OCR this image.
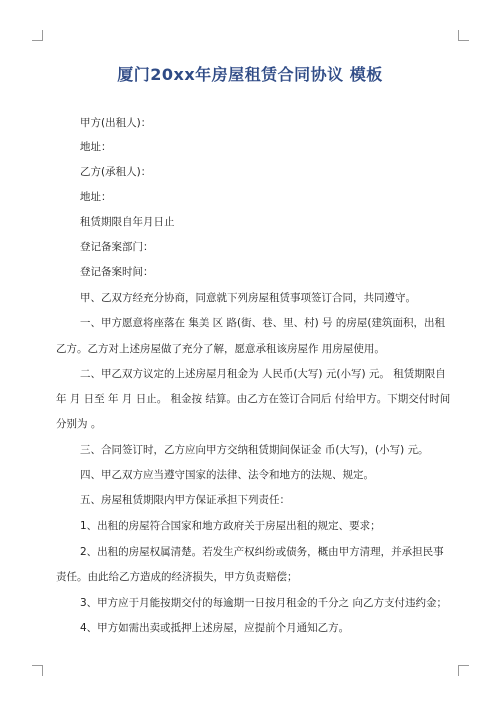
厦门20xx年房屋租赁合同协议 模板
甲方(出租人)：
地址：
乙方(承租人)：
地址：
租赁期限自年月日止
登记备案部门：
登记备案时间：
甲、乙双方经充分协商，同意就下列房屋租赁事项签订合同，共同遵守。
一、甲方愿意将座落在 集美 区 路(街、巷、里、村) 号 的房屋(建筑面积，出租
乙方。乙方对上述房屋做了充分了解，愿意承租该房屋作 用房屋使用。
二、甲乙双方议定的上述房屋月租金为 人民币(大写) 元(小写) 元。 租赁期限自
年 月 日至 年 月 日止。 租金按 结算。由乙方在签订合同后 付给甲方。下期交付时间
分别为 。
三、合同签订时，乙方应向甲方交纳租赁期间保证金 币(大写)，(小写) 元。
四、甲乙双方应当遵守国家的法律、法令和地方的法规、规定。
五、房屋租赁期限内甲方保证承担下列责任：
1、出租的房屋符合国家和地方政府关于房屋出租的规定、要求；
2、出租的房屋权属清楚。若发生产权纠纷或债务，概由甲方清理，并承担民事
责任。由此给乙方造成的经济损失，甲方负责赔偿；
3、甲方应于月能按期交付的每逾期一日按月租金的千分之 向乙方支付违约金；
4、甲方如需出卖或抵押上述房屋，应提前个月通知乙方。
